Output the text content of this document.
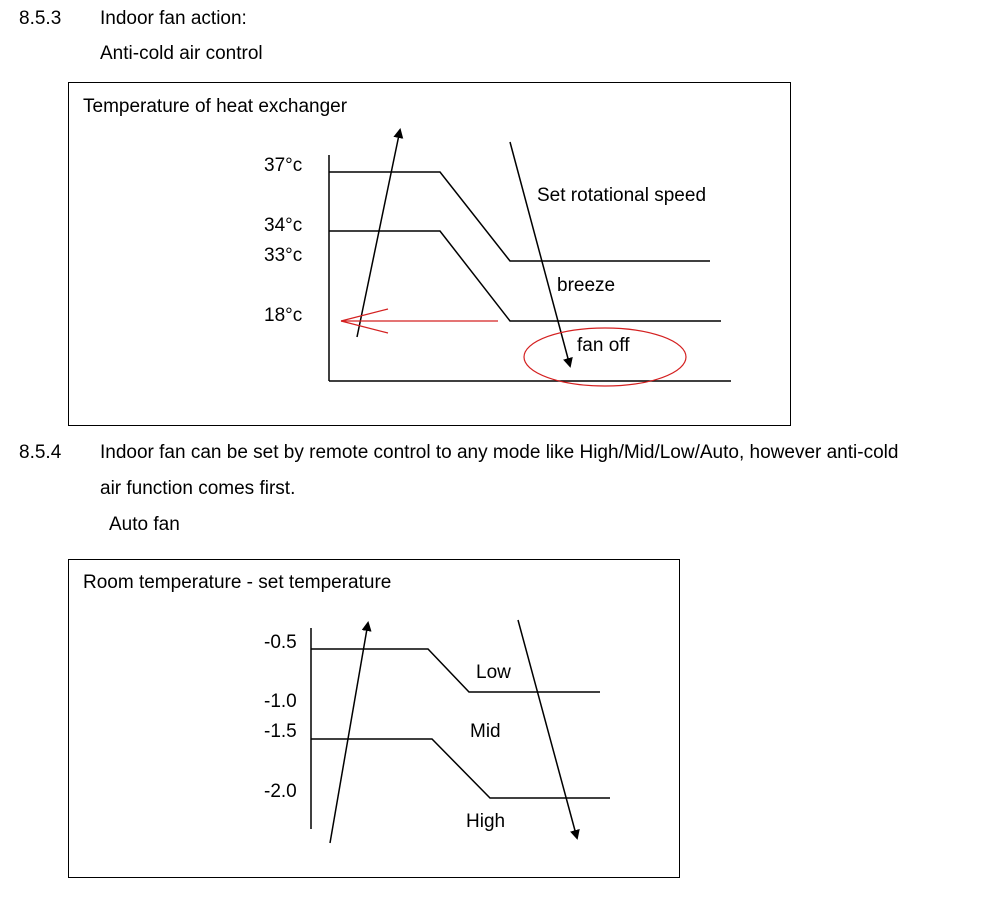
8.5.3 Indoor fan action:
Anti-cold air control
Temperature of heat exchanger
37°c
34°c
33°c
18°c
Set rotational speed
breeze
fan off
8.5.4 Indoor fan can be set by remote control to any mode like High/Mid/Low/Auto, however anti-cold
air function comes first.
Auto fan
Room temperature - set temperature
-0.5
-1.0
-1.5
-2.0
Low
Mid
High
